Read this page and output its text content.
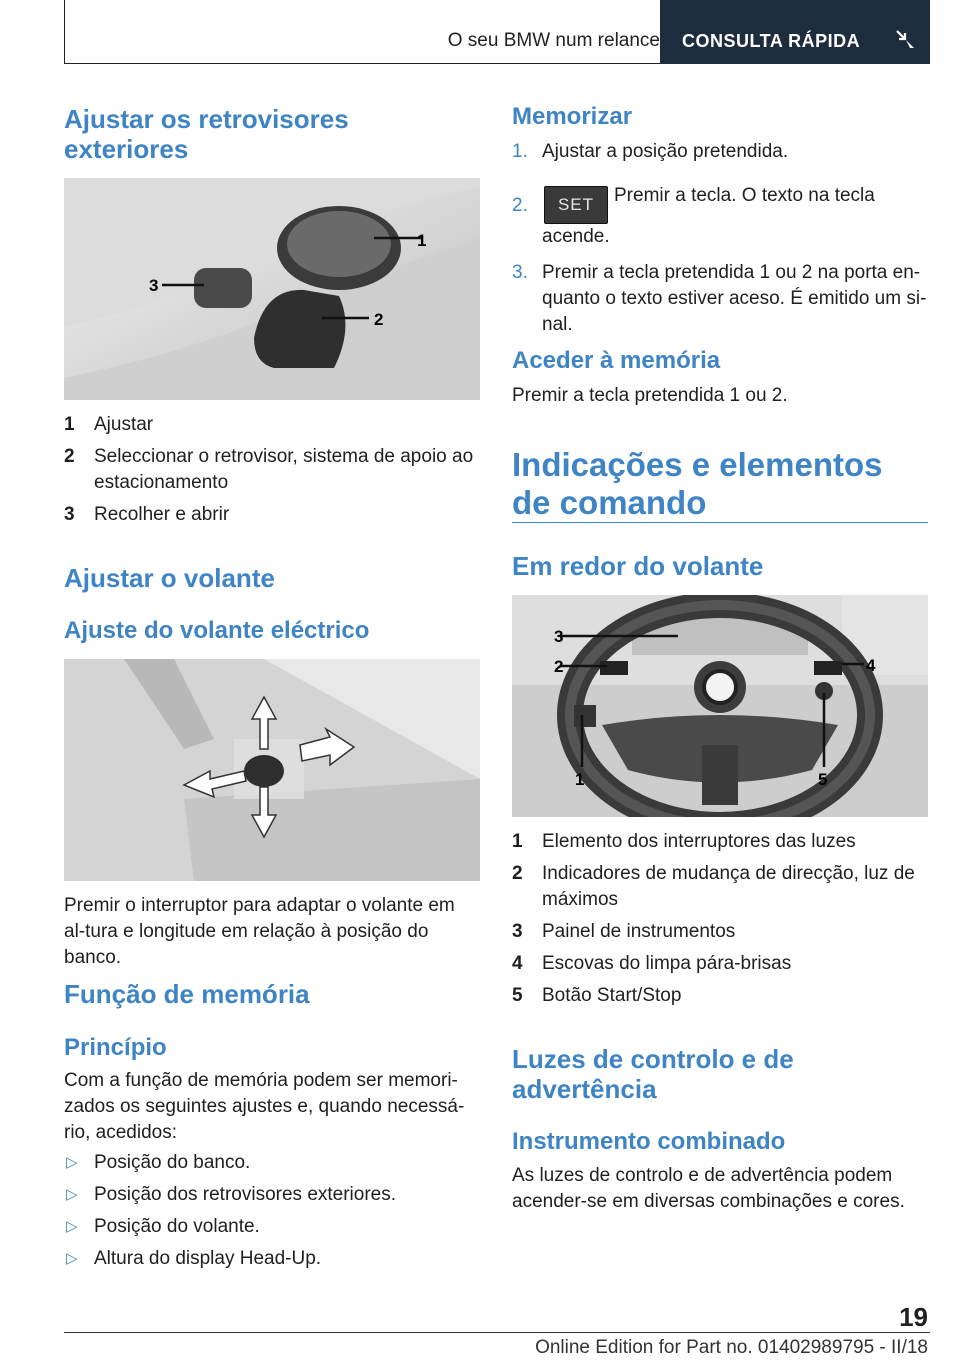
O seu BMW num relance	CONSULTA RÁPIDA
Ajustar os retrovisores exteriores
1
2
3
1 Ajustar
2 Seleccionar o retrovisor, sistema de apoio ao estacionamento
3 Recolher e abrir
Ajustar o volante
Ajuste do volante eléctrico

Premir o interruptor para adaptar o volante em al‐tura e longitude em relação à posição do banco.

Função de memória
Princípio

Com a função de memória podem ser memori‐zados os seguintes ajustes e, quando necessá‐rio, acedidos:

▷ Posição do banco.
▷ Posição dos retrovisores exteriores.
▷ Posição do volante.
▷ Altura do display Head-Up.
Memorizar
1. Ajustar a posição pretendida.
2. SET Premir a tecla. O texto na tecla acende.
3. Premir a tecla pretendida 1 ou 2 na porta en‐quanto o texto estiver aceso. É emitido um si‐nal.
Aceder à memória

Premir a tecla pretendida 1 ou 2.

Indicações e elementos de comando
Em redor do volante
1
2
3
4
5
1 Elemento dos interruptores das luzes
2 Indicadores de mudança de direcção, luz de máximos
3 Painel de instrumentos
4 Escovas do limpa pára-brisas
5 Botão Start/Stop
Luzes de controlo e de advertência
Instrumento combinado

As luzes de controlo e de advertência podem acender-se em diversas combinações e cores.

19
Online Edition for Part no. 01402989795 - II/18
